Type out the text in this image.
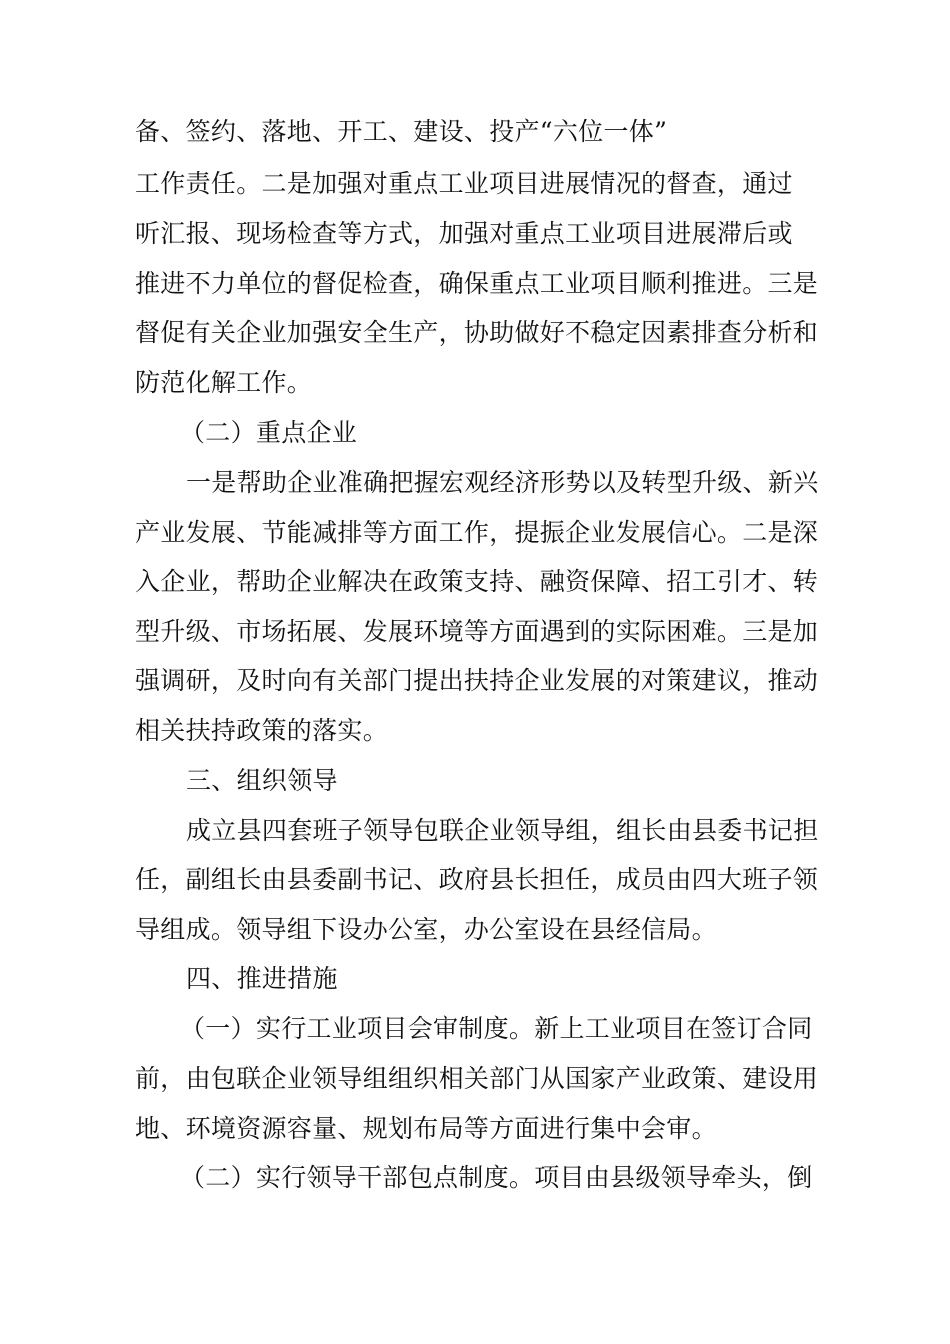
备、签约、落地、开工、建设、投产“六位一体”
工作责任。二是加强对重点工业项目进展情况的督查，通过
听汇报、现场检查等方式，加强对重点工业项目进展滞后或
推进不力单位的督促检查，确保重点工业项目顺利推进。三是
督促有关企业加强安全生产，协助做好不稳定因素排查分析和
防范化解工作。
（二）重点企业
一是帮助企业准确把握宏观经济形势以及转型升级、新兴
产业发展、节能减排等方面工作，提振企业发展信心。二是深
入企业，帮助企业解决在政策支持、融资保障、招工引才、转
型升级、市场拓展、发展环境等方面遇到的实际困难。三是加
强调研，及时向有关部门提出扶持企业发展的对策建议，推动
相关扶持政策的落实。
三、组织领导
成立县四套班子领导包联企业领导组，组长由县委书记担
任，副组长由县委副书记、政府县长担任，成员由四大班子领
导组成。领导组下设办公室，办公室设在县经信局。
四、推进措施
（一）实行工业项目会审制度。新上工业项目在签订合同
前，由包联企业领导组组织相关部门从国家产业政策、建设用
地、环境资源容量、规划布局等方面进行集中会审。
（二）实行领导干部包点制度。项目由县级领导牵头，倒
